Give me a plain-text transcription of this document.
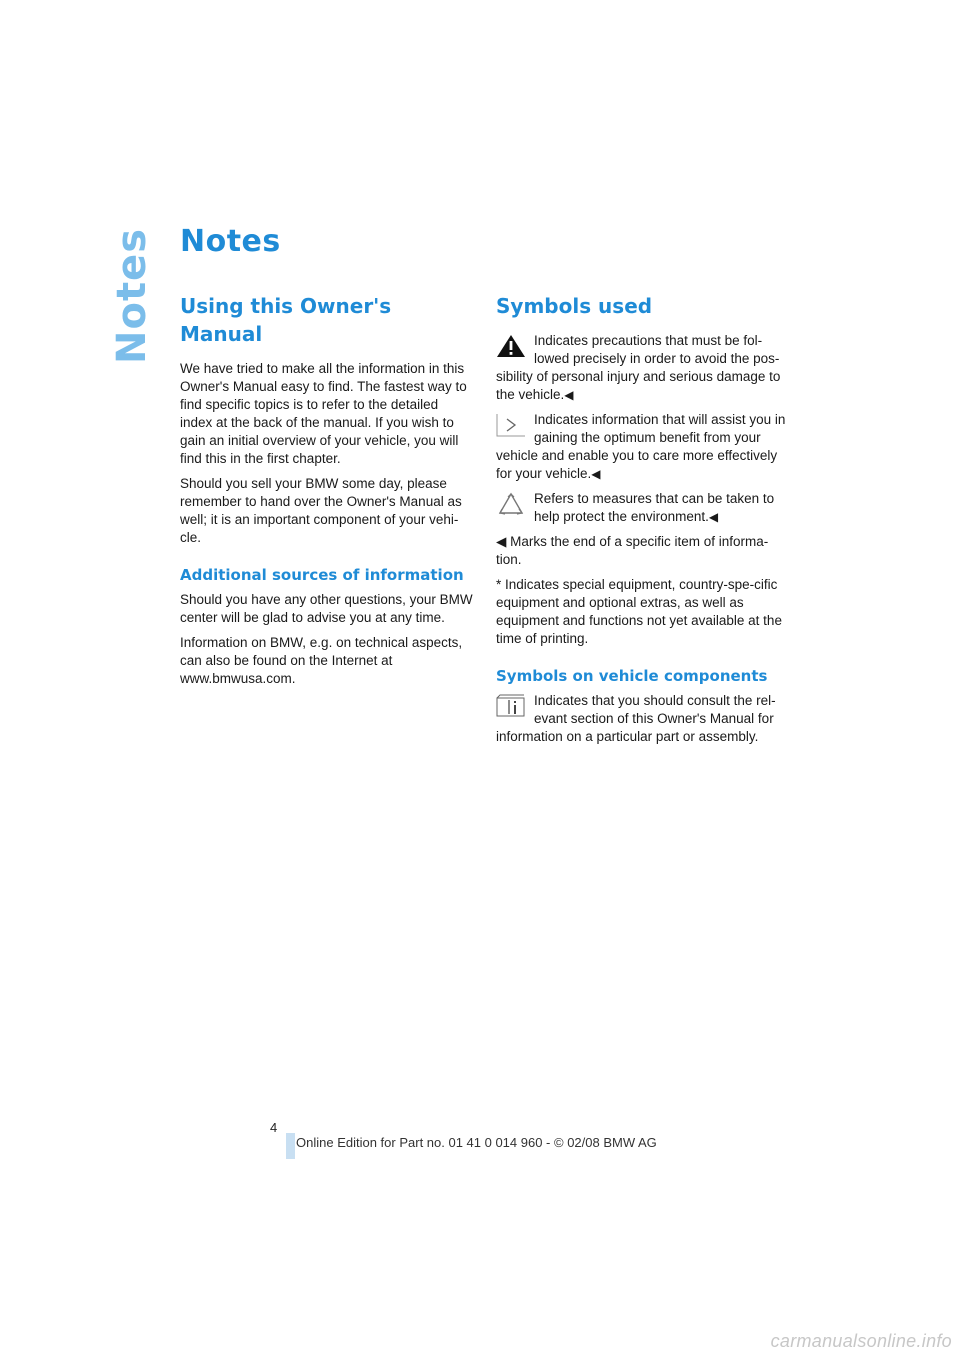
Notes Notes
Using this Owner's Manual

We have tried to make all the information in this Owner's Manual easy to find. The fastest way to find specific topics is to refer to the detailed index at the back of the manual. If you wish to gain an initial overview of your vehicle, you will find this in the first chapter.

Should you sell your BMW some day, please remember to hand over the Owner's Manual as well; it is an important component of your vehi-cle.

Additional sources of information

Should you have any other questions, your BMW center will be glad to advise you at any time.

Information on BMW, e.g. on technical aspects, can also be found on the Internet at www.bmwusa.com.

Symbols used
Indicates precautions that must be fol-lowed precisely in order to avoid the pos-sibility of personal injury and serious damage to the vehicle.◀
Indicates information that will assist you in gaining the optimum benefit from your vehicle and enable you to care more effectively for your vehicle.◀
Refers to measures that can be taken to help protect the environment.◀

◀ Marks the end of a specific item of informa-tion.

* Indicates special equipment, country-spe-cific equipment and optional extras, as well as equipment and functions not yet available at the time of printing.

Symbols on vehicle components
Indicates that you should consult the rel-evant section of this Owner's Manual for information on a particular part or assembly.
4
Online Edition for Part no. 01 41 0 014 960 - © 02/08 BMW AG
carmanualsonline.info
